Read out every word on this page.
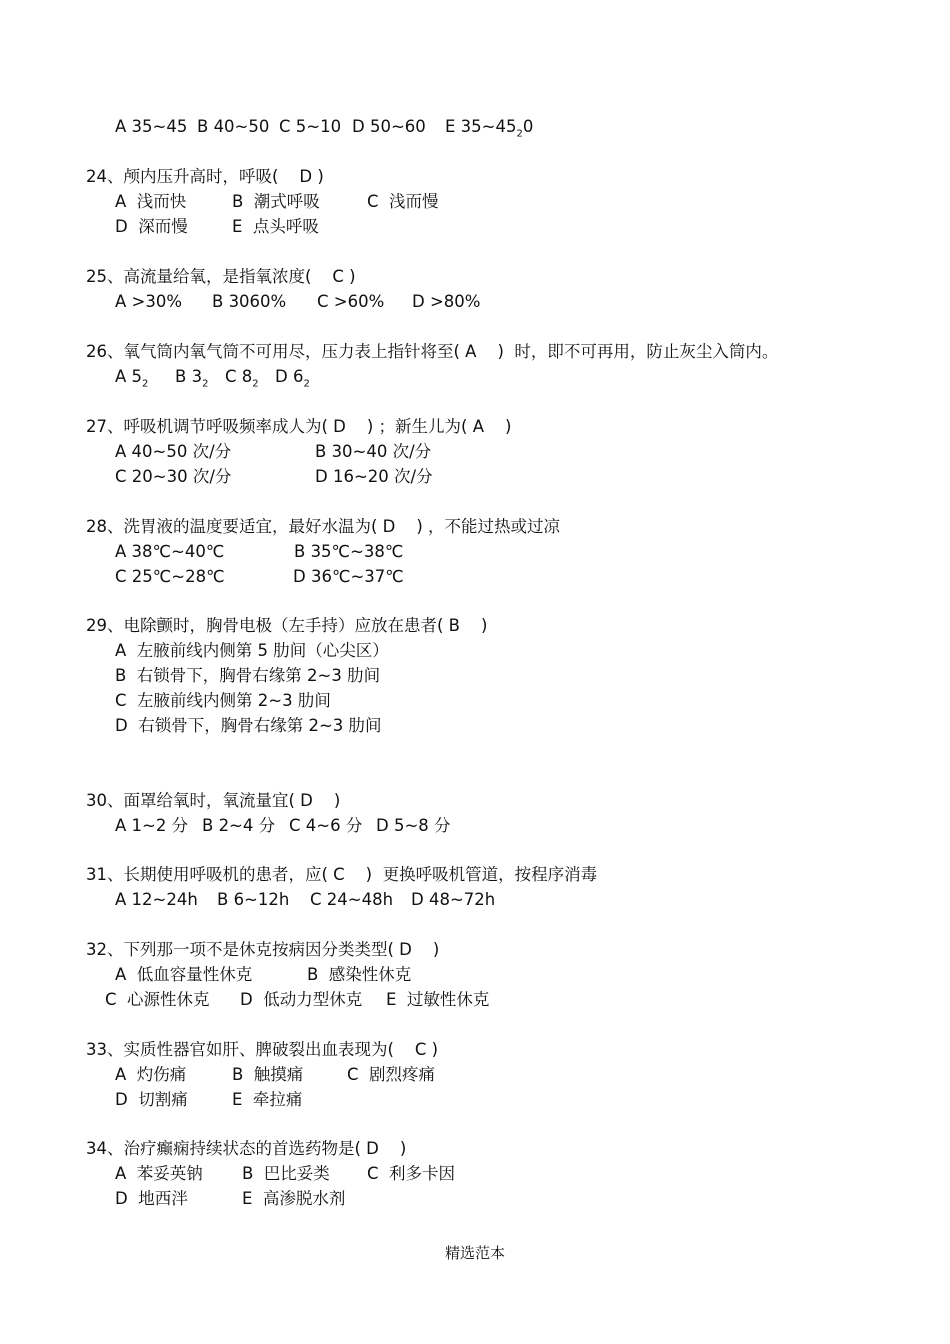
A 35~45 B 40~50 C 5~10 D 50~60 E $35\sim 45_20$
24、颅内压升高时，呼吸(    D )
A  浅而快	B  潮式呼吸	C  浅而慢
D  深而慢	E  点头呼吸
25、高流量给氧，是指氧浓度(    C )
A >30% B 3060% C >60% D >80%
26、氧气筒内氧气筒不可用尽，压力表上指针将至( A    )  时，即不可再用，防止灰尘入筒内。
A $5_2$ B $3_2$ C $8_2$ D $6_2$
27、呼吸机调节呼吸频率成人为( D    ) ；新生儿为( A    )
A 40~50 次/分	B 30~40 次/分
C 20~30 次/分	D 16~20 次/分
28、洗胃液的温度要适宜，最好水温为( D    ) ，不能过热或过凉
A 38℃~40℃	B 35℃~38℃
C 25℃~28℃	D 36℃~37℃
29、电除颤时，胸骨电极（左手持）应放在患者( B    )
A  左腋前线内侧第 5 肋间（心尖区）
B  右锁骨下，胸骨右缘第 2~3 肋间
C  左腋前线内侧第 2~3 肋间
D  右锁骨下，胸骨右缘第 2~3 肋间
30、面罩给氧时，氧流量宜( D    )
A 1~2 分 B 2~4 分 C 4~6 分 D 5~8 分
31、长期使用呼吸机的患者，应( C    )  更换呼吸机管道，按程序消毒
A 12~24h B 6~12h C 24~48h D 48~72h
32、下列那一项不是休克按病因分类类型( D    )
A  低血容量性休克	B  感染性休克
C  心源性休克 D  低动力型休克 E  过敏性休克
33、实质性器官如肝、脾破裂出血表现为(    C )
A  灼伤痛	B  触摸痛	C  剧烈疼痛
D  切割痛	E  牵拉痛
34、治疗癫痫持续状态的首选药物是( D    )
A  苯妥英钠 B  巴比妥类 C  利多卡因
D  地西泮	E  高渗脱水剂
精选范本
